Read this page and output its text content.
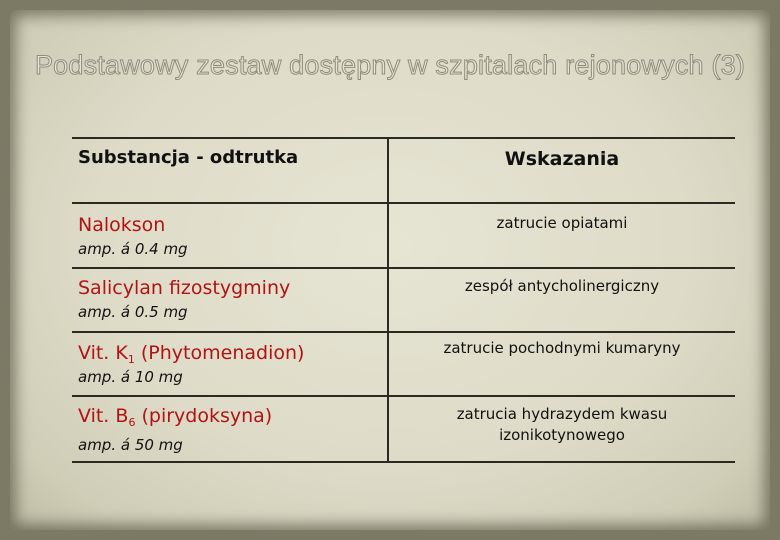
Podstawowy zestaw dostępny w szpitalach rejonowych (3)
Substancja - odtrutka	Wskazania

Nalokson
amp. á 0.4 mg	zatrucie opiatami

Salicylan fizostygminy
amp. á 0.5 mg	zespół antycholinergiczny

Vit. $K_1$ (Phytomenadion)
amp. á 10 mg	zatrucie pochodnymi kumaryny

Vit. $B_6$ (pirydoksyna)
amp. á 50 mg	zatrucia hydrazydem kwasu izonikotynowego
